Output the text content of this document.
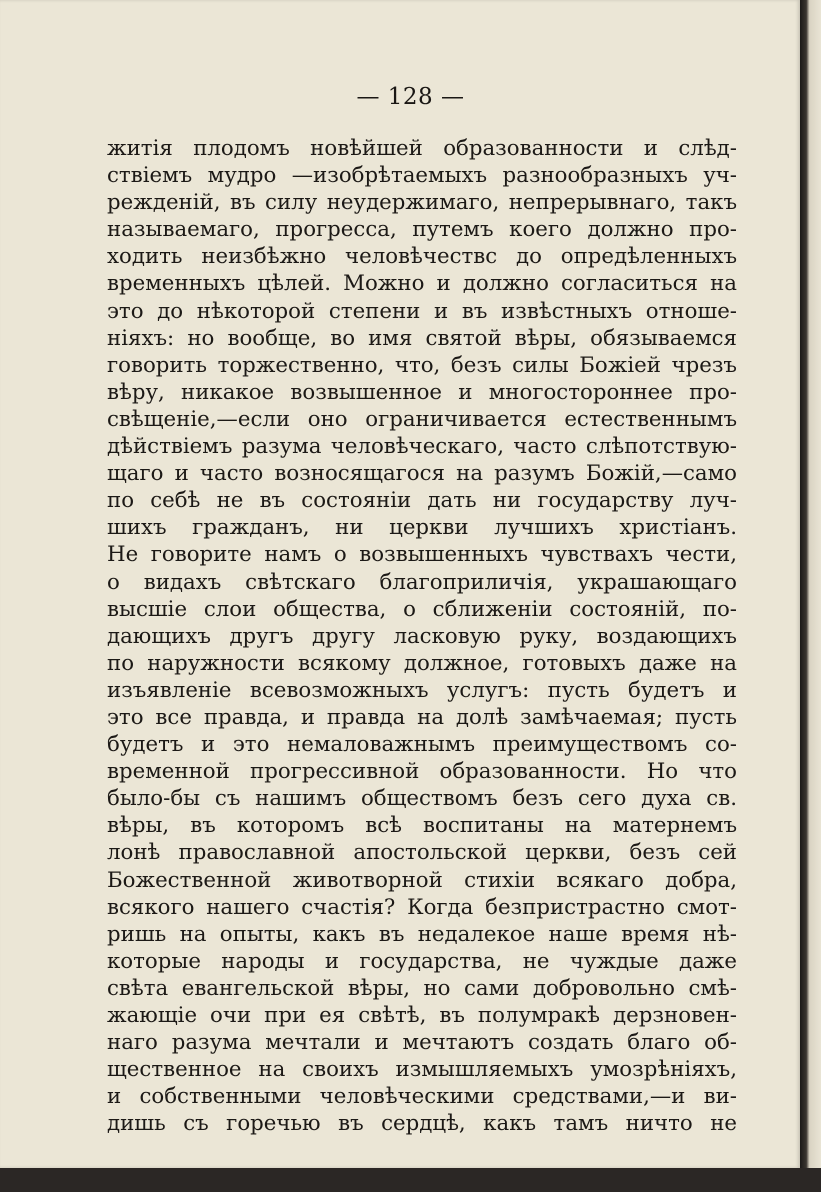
— 128 —
житія плодомъ новѣйшей образованности и слѣд-
ствіемъ мудро —изобрѣтаемыхъ разнообразныхъ уч-
режденій, въ силу неудержимаго, непрерывнаго, такъ
называемаго, прогресса, путемъ коего должно про-
ходить неизбѣжно человѣчествс до опредѣленныхъ
временныхъ цѣлей. Можно и должно согласиться на
это до нѣкоторой степени и въ извѣстныхъ отноше-
ніяхъ: но вообще, во имя святой вѣры, обязываемся
говорить торжественно, что, безъ силы Божіей чрезъ
вѣру, никакое возвышенное и многостороннее про-
свѣщеніе,—если оно ограничивается естественнымъ
дѣйствіемъ разума человѣческаго, часто слѣпотствую-
щаго и часто возносящагося на разумъ Божій,—само
по себѣ не въ состояніи дать ни государству луч-
шихъ гражданъ, ни церкви лучшихъ христіанъ.
Не говорите намъ о возвышенныхъ чувствахъ чести,
о видахъ свѣтскаго благоприличія, украшающаго
высшіе слои общества, о сближеніи состояній, по-
дающихъ другъ другу ласковую руку, воздающихъ
по наружности всякому должное, готовыхъ даже на
изъявленіе всевозможныхъ услугъ: пусть будетъ и
это все правда, и правда на долѣ замѣчаемая; пусть
будетъ и это немаловажнымъ преимуществомъ со-
временной прогрессивной образованности. Но что
было-бы съ нашимъ обществомъ безъ сего духа св.
вѣры, въ которомъ всѣ воспитаны на матернемъ
лонѣ православной апостольской церкви, безъ сей
Божественной животворной стихіи всякаго добра,
всякого нашего счастія? Когда безпристрастно смот-
ришь на опыты, какъ въ недалекое наше время нѣ-
которые народы и государства, не чуждые даже
свѣта евангельской вѣры, но сами добровольно смѣ-
жающіе очи при ея свѣтѣ, въ полумракѣ дерзновен-
наго разума мечтали и мечтаютъ создать благо об-
щественное на своихъ измышляемыхъ умозрѣніяхъ,
и собственными человѣческими средствами,—и ви-
дишь съ горечью въ сердцѣ, какъ тамъ ничто не
